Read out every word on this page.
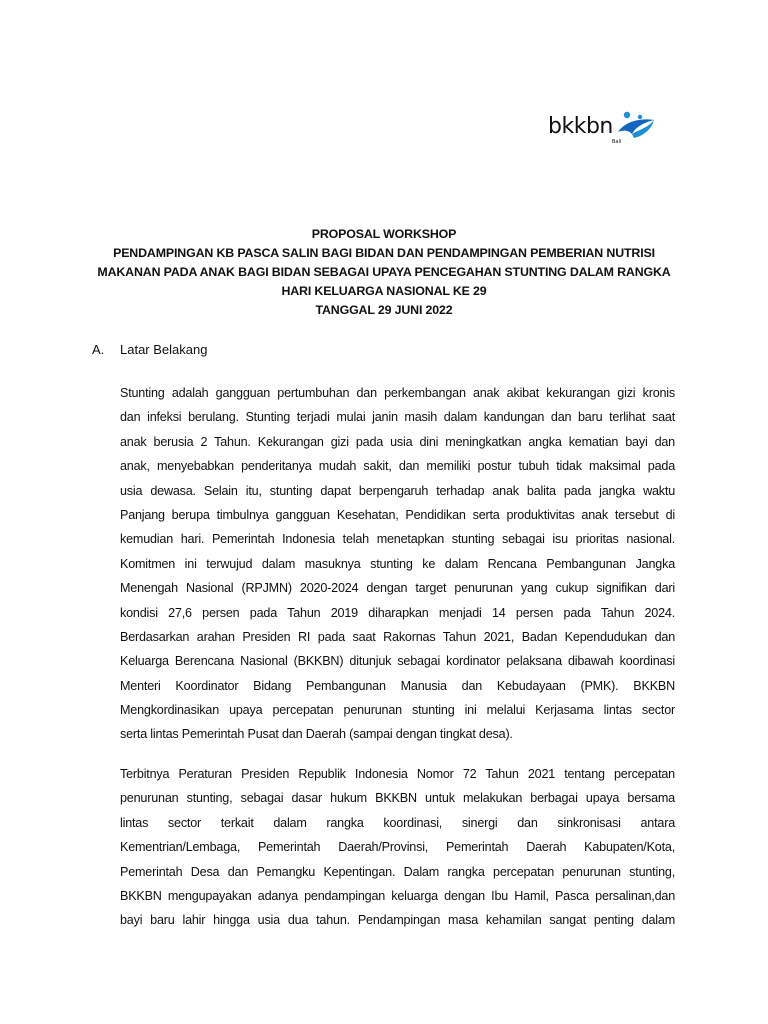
bkkbn
Bali
PROPOSAL WORKSHOP
PENDAMPINGAN KB PASCA SALIN BAGI BIDAN DAN PENDAMPINGAN PEMBERIAN NUTRISI
MAKANAN PADA ANAK BAGI BIDAN SEBAGAI UPAYA PENCEGAHAN STUNTING DALAM RANGKA
HARI KELUARGA NASIONAL KE 29
TANGGAL 29 JUNI 2022
A. Latar Belakang
Stunting adalah gangguan pertumbuhan dan perkembangan anak akibat kekurangan gizi kronis
dan infeksi berulang. Stunting terjadi mulai janin masih dalam kandungan dan baru terlihat saat
anak berusia 2 Tahun. Kekurangan gizi pada usia dini meningkatkan angka kematian bayi dan
anak, menyebabkan penderitanya mudah sakit, dan memiliki postur tubuh tidak maksimal pada
usia dewasa. Selain itu, stunting dapat berpengaruh terhadap anak balita pada jangka waktu
Panjang berupa timbulnya gangguan Kesehatan, Pendidikan serta produktivitas anak tersebut di
kemudian hari. Pemerintah Indonesia telah menetapkan stunting sebagai isu prioritas nasional.
Komitmen ini terwujud dalam masuknya stunting ke dalam Rencana Pembangunan Jangka
Menengah Nasional (RPJMN) 2020-2024 dengan target penurunan yang cukup signifikan dari
kondisi 27,6 persen pada Tahun 2019 diharapkan menjadi 14 persen pada Tahun 2024.
Berdasarkan arahan Presiden RI pada saat Rakornas Tahun 2021, Badan Kependudukan dan
Keluarga Berencana Nasional (BKKBN) ditunjuk sebagai kordinator pelaksana dibawah koordinasi
Menteri Koordinator Bidang Pembangunan Manusia dan Kebudayaan (PMK). BKKBN
Mengkordinasikan upaya percepatan penurunan stunting ini melalui Kerjasama lintas sector
serta lintas Pemerintah Pusat dan Daerah (sampai dengan tingkat desa).
Terbitnya Peraturan Presiden Republik Indonesia Nomor 72 Tahun 2021 tentang percepatan
penurunan stunting, sebagai dasar hukum BKKBN untuk melakukan berbagai upaya bersama
lintas sector terkait dalam rangka koordinasi, sinergi dan sinkronisasi antara
Kementrian/Lembaga, Pemerintah Daerah/Provinsi, Pemerintah Daerah Kabupaten/Kota,
Pemerintah Desa dan Pemangku Kepentingan. Dalam rangka percepatan penurunan stunting,
BKKBN mengupayakan adanya pendampingan keluarga dengan Ibu Hamil, Pasca persalinan,dan
bayi baru lahir hingga usia dua tahun. Pendampingan masa kehamilan sangat penting dalam
